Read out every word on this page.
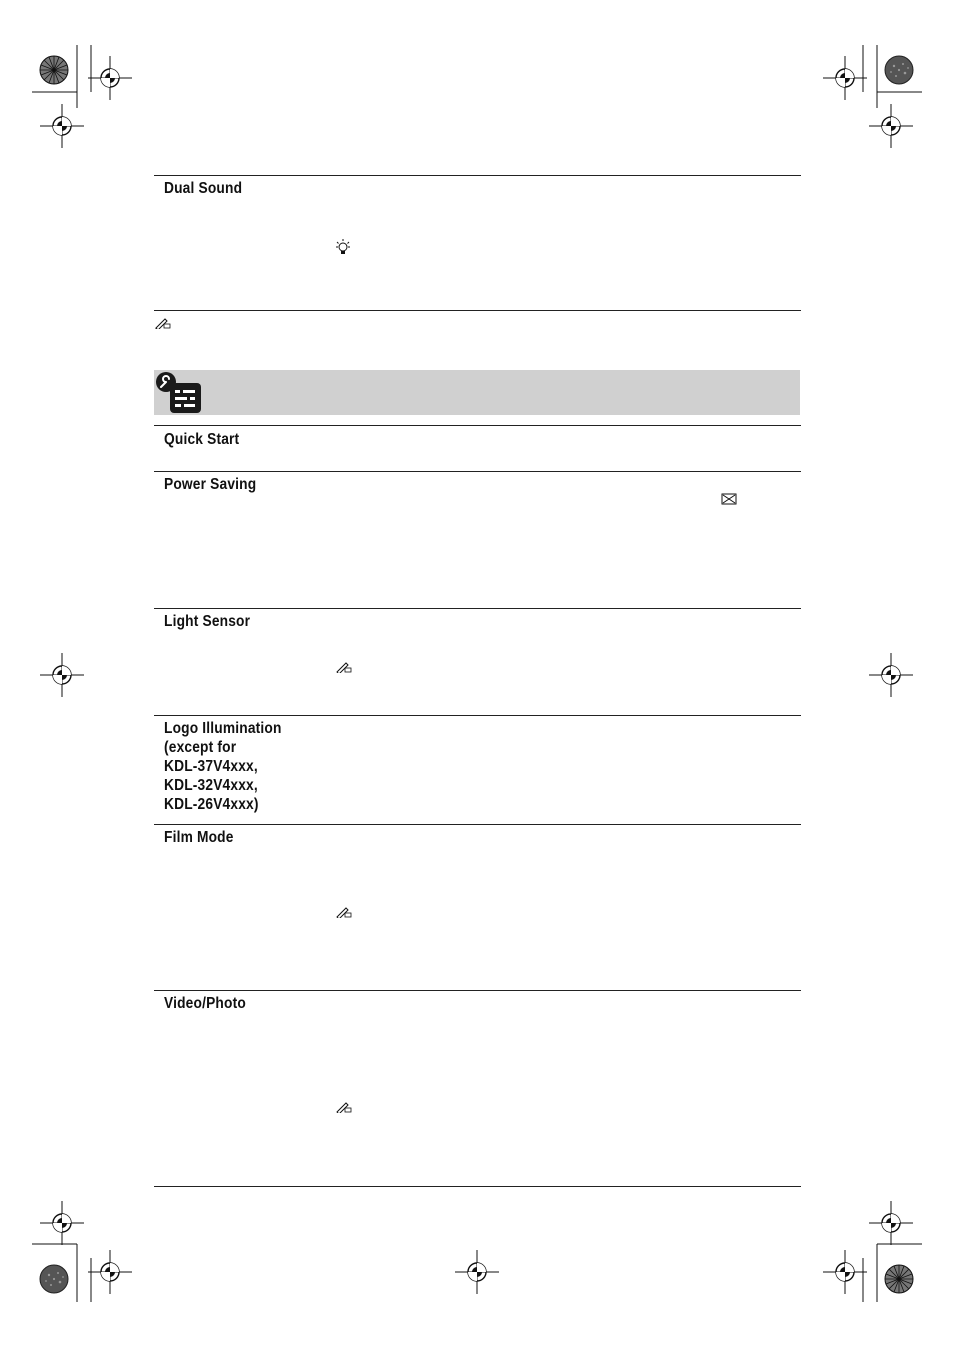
Dual Sound
Quick Start
Power Saving
Light Sensor
Logo Illumination
(except for
KDL-37V4xxx,
KDL-32V4xxx,
KDL-26V4xxx)
Film Mode
Video/Photo
